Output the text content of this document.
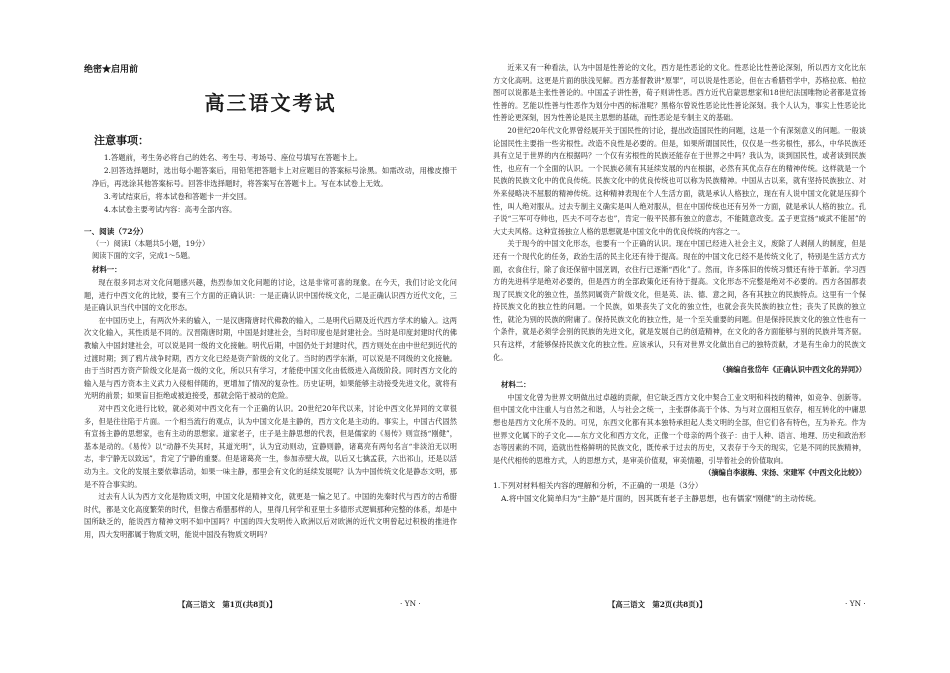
绝密★启用前
高三语文考试
注意事项：

1.答题前，考生务必将自己的姓名、考生号、考场号、座位号填写在答题卡上。

2.回答选择题时，选出每小题答案后，用铅笔把答题卡上对应题目的答案标号涂黑。如需改动，用橡皮擦干净后，再选涂其他答案标号。回答非选择题时，将答案写在答题卡上。写在本试卷上无效。

3.考试结束后，将本试卷和答题卡一并交回。

4.本试卷主要考试内容：高考全部内容。

一、阅读（72分）
（一）阅读Ⅰ（本题共5小题，19分）
阅读下面的文字，完成1～5题。
材料一：

现在很多同志对文化问题感兴趣，热烈参加文化问题的讨论，这是非常可喜的现象。在今天，我们讨论文化问题，进行中西文化的比较，要有三个方面的正确认识：一是正确认识中国传统文化，二是正确认识西方近代文化，三是正确认识当代中国的文化形态。

在中国历史上，有两次外来的输入，一是汉唐隋唐时代佛教的输入，二是明代后期及近代西方学术的输入。这两次文化输入，其性质是不同的。汉晋隋唐时期，中国是封建社会，当时印度也是封建社会。当时是印度封建时代的佛教输入中国封建社会，可以说是同一级的文化接触。明代后期，中国仍处于封建时代，西方则处在由中世纪到近代的过渡时期；到了鸦片战争时期，西方文化已经是资产阶级的文化了。当时的西学东渐，可以说是不同级的文化接触。由于当时西方资产阶级文化是高一级的文化，所以只有学习，才能使中国文化由低级进入高级阶段。同时西方文化的输入是与西方资本主义武力入侵相伴随的，更增加了情况的复杂性。历史证明，如果能够主动接受先进文化，就将有光明的前景；如果盲目拒绝或被迫接受，那就会陷于被动的危险。

对中西文化进行比较，就必须对中西文化有一个正确的认识。20世纪20年代以来，讨论中西文化异同的文章很多，但是往往陷于片面。一个相当流行的观点，认为中国文化是主静的，西方文化是主动的。事实上，中国古代固然有宣扬主静的思想家，也有主动的思想家。道家老子，庄子是主静思想的代表，但是儒家的《易传》则宣扬“刚健”，基本是动的。《易传》以“动静不失其时，其道光明”，认为宜动则动，宜静则静，诸葛亮有两句名言“非淡泊无以明志，非宁静无以致远”，肯定了宁静的重要。但是诸葛亮一生，参加赤壁大战，以后又七擒孟获，六出祁山，还是以活动为主。文化的发展主要依靠活动，如果一味主静，那里会有文化的延续发展呢？认为中国传统文化是静态文明，那是不符合事实的。

过去有人认为西方文化是物质文明，中国文化是精神文化，就更是一偏之见了。中国的先秦时代与西方的古希腊时代，都是文化高度繁荣的时代，但像古希腊那样的人，里得几何学和亚里士多德形式逻辑那种完整的体系，却是中国所缺乏的，能说西方精神文明不如中国吗？中国的四大发明传入欧洲以后对欧洲的近代文明曾起过积极的推进作用，四大发明都属于物质文明，能说中国没有物质文明吗？

【高三语文　第1页(共8页)】	· YN ·

近来又有一种看法，认为中国是性善论的文化，西方是性恶论的文化。性恶论比性善论深刻，所以西方文化比东方文化高明。这更是片面的肤浅见解。西方基督教讲“原罪”，可以说是性恶论，但在古希腊哲学中，苏格拉底、柏拉图可以说都是主张性善论的。中国孟子讲性善，荀子则讲性恶。西方近代启蒙思想家和18世纪法国唯物论者都是宣扬性善的。艺能以性善与性恶作为划分中西的标准呢？黑格尔曾说性恶论比性善论深刻。我个人认为，事实上性恶论比性善论更深刻，因为性善论是民主思想的基础，而性恶论是专制主义的基础。

20世纪20年代文化界曾经展开关于国民性的讨论，提出改造国民性的问题，这是一个有深刻意义的问题。一般谈论国民性主要指一些劣根性。改造不良性是必要的。但是，如果所谓国民性，仅仅是一些劣根性，那么，中华民族还具有立足于世界的内在根据吗？一个仅有劣根性的民族还能存在于世界之中吗？我认为，谈到国民性，或者谈到民族性，也应有一个全面的认识。一个民族必须有其延续发展的内在根据，必然有其优点存在的精神传统。这样就是一个民族的民族文化中的优良传统。民族文化中的优良传统也可以称为民族精神。中国从古以来，就有坚持民族独立、对外来侵略决不屈服的精神传统。这种精神表现在个人生活方面，就是承认人格独立，现在有人说中国文化就是压抑个性，叫人绝对服从。过去专制主义确实是叫人绝对服从，但在中国传统也还有另外一方面，就是承认人格的独立。孔子说“三军可夺帅也，匹夫不可夺志也”，肯定一般平民都有独立的意志，不能随意改变。孟子更宣扬“威武不能屈”的大丈夫风格。这种宣扬独立人格的思想就是中国文化中的优良传统的内容之一。

关于现今的中国文化形态，也要有一个正确的认识。现在中国已经进入社会主义，废除了人剥削人的制度，但是还有一个现代化的任务，政治生活的民主化还有待于提高。现在的中国文化已经不是传统文化了，特别是生活方式方面，衣食住行，除了食还保留中国烹调，衣住行已逐渐“西化”了。然而，许多陈旧的传统习惯还有待于革新。学习西方的先进科学是绝对必要的，但是西方的全部政策化还有待于提高。文化形态不完整是绝对不必要的。西方各国都表现了民族文化的独立性，虽然同属资产阶级文化，但是英、法、德、意之间，各有其独立的民族特点。这里有一个保持民族文化的独立性的问题。一个民族，如果丧失了文化的独立性，也就会丧失民族的独立性；丧失了民族的独立性，就沦为别的民族的附庸了。保持民族文化的独立性，是一个至关重要的问题。但是保持民族文化的独立性也有一个条件，就是必须学会别的民族的先进文化，就是发展自己的创造精神，在文化的各方面能够与别的民族并驾齐驱。只有这样，才能够保持民族文化的独立性。应该承认，只有对世界文化做出自己的独特贡献，才是有生命力的民族文化。

（摘编自张岱年《正确认识中西文化的异同》）

材料二：

中国文化曾为世界文明做出过卓越的贡献，但它缺乏西方文化中契合工业文明和科技的精神，如竞争、创新等。但中国文化中注重人与自然之和谐，人与社会之统一，主张群体高于个体、为与对立面相互依存，相互转化的中庸思想也是西方文化所不及的。可见，东西文化都有其本独特承担起人类文明的全部，但它们各有特色，互为补充。作为世界文化属下的子文化——东方文化和西方文化，正像一个母亲的两个孩子：由于人种、语言、地理、历史和政治形态等因素的不同，造就出性格鲜明的民族文化，既传承于过去的历史，又表存于今天的现实，它是不同的民族精神，是代代相传的思维方式，人的思想方式，是审美价值观，审美情趣，引导着社会的价值取向。

（摘编自李淑梅、宋扬、宋建军《中西文化比较》）

1.下列对材料相关内容的理解和分析，不正确的一项是（3分）

A.将中国文化简单归为“主静”是片面的，因其既有老子主静思想，也有儒家“刚健”的主动传统。

【高三语文　第2页(共8页)】	· YN ·
